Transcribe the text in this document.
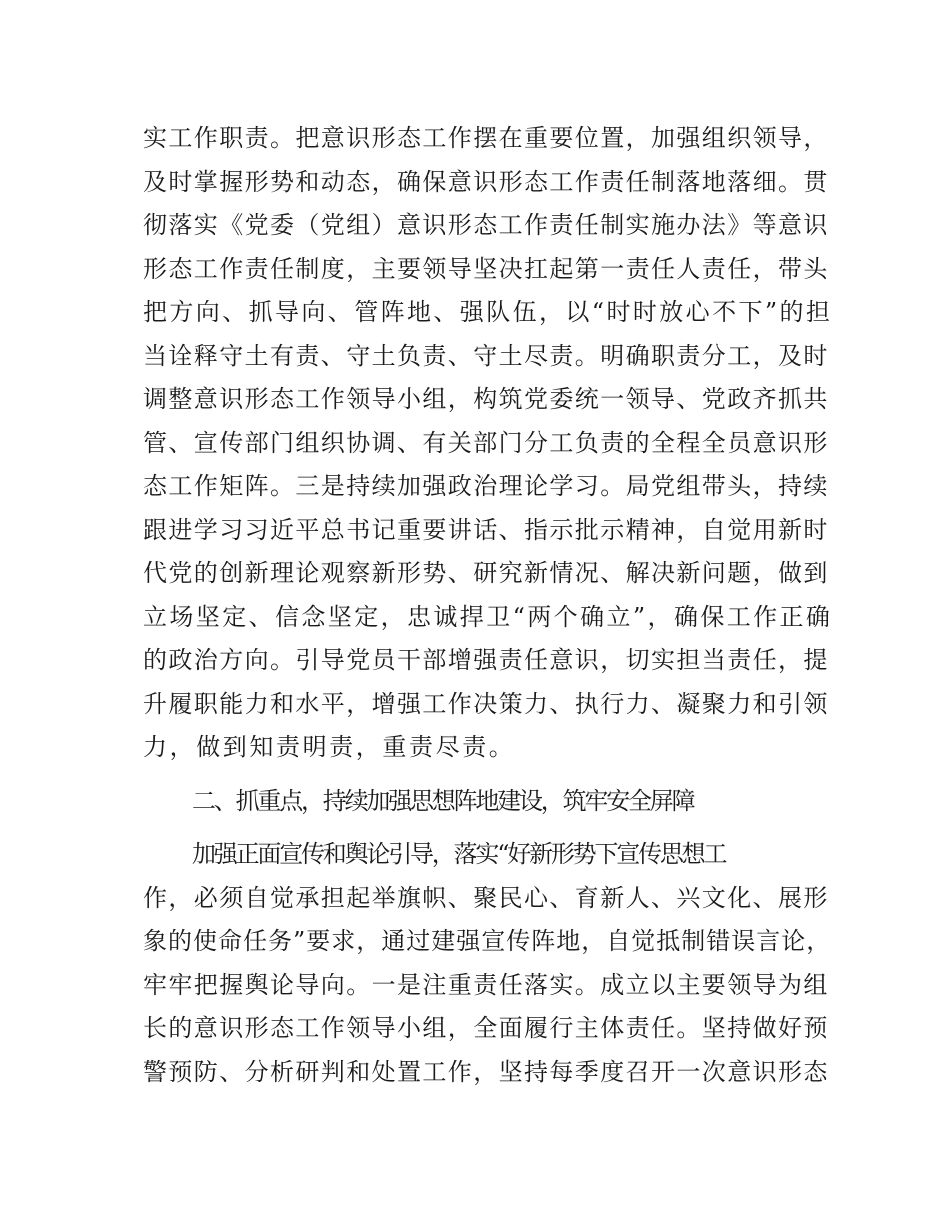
实工作职责。把意识形态工作摆在重要位置，加强组织领导，
及时掌握形势和动态，确保意识形态工作责任制落地落细。贯
彻落实《党委（党组）意识形态工作责任制实施办法》等意识
形态工作责任制度，主要领导坚决扛起第一责任人责任，带头
把方向、抓导向、管阵地、强队伍，以“时时放心不下”的担
当诠释守土有责、守土负责、守土尽责。明确职责分工，及时
调整意识形态工作领导小组，构筑党委统一领导、党政齐抓共
管、宣传部门组织协调、有关部门分工负责的全程全员意识形
态工作矩阵。三是持续加强政治理论学习。局党组带头，持续
跟进学习习近平总书记重要讲话、指示批示精神，自觉用新时
代党的创新理论观察新形势、研究新情况、解决新问题，做到
立场坚定、信念坚定，忠诚捍卫“两个确立”，确保工作正确
的政治方向。引导党员干部增强责任意识，切实担当责任，提
升履职能力和水平，增强工作决策力、执行力、凝聚力和引领
力，做到知责明责，重责尽责。
二、抓重点，持续加强思想阵地建设，筑牢安全屏障
加强正面宣传和舆论引导，落实“好新形势下宣传思想工
作，必须自觉承担起举旗帜、聚民心、育新人、兴文化、展形
象的使命任务”要求，通过建强宣传阵地，自觉抵制错误言论，
牢牢把握舆论导向。一是注重责任落实。成立以主要领导为组
长的意识形态工作领导小组，全面履行主体责任。坚持做好预
警预防、分析研判和处置工作，坚持每季度召开一次意识形态
